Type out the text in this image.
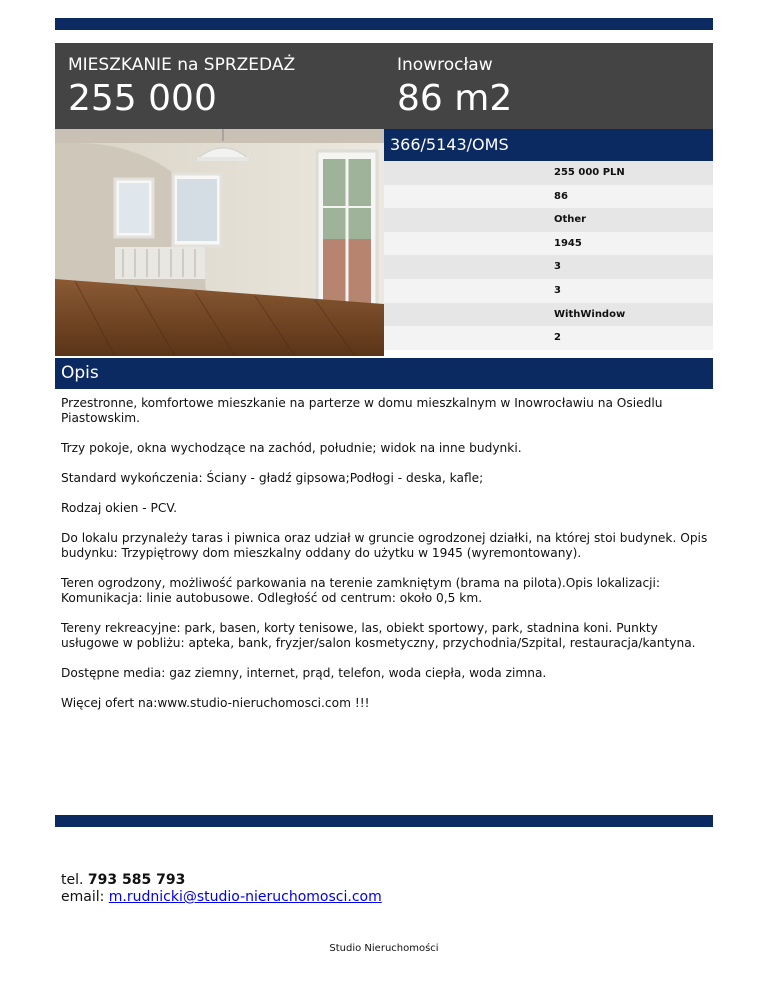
MIESZKANIE na SPRZEDAŻ
255 000
Inowrocław
86 m2
366/5143/OMS
255 000 PLN
86
Other
1945
3
3
WithWindow
2
Opis

Przestronne, komfortowe mieszkanie na parterze w domu mieszkalnym w Inowrocławiu na Osiedlu Piastowskim.

Trzy pokoje, okna wychodzące na zachód, południe; widok na inne budynki.

Standard wykończenia: Ściany - gładź gipsowa;Podłogi - deska, kafle;

Rodzaj okien - PCV.

Do lokalu przynależy taras i piwnica oraz udział w gruncie ogrodzonej działki, na której stoi budynek. Opis budynku: Trzypiętrowy dom mieszkalny oddany do użytku w 1945 (wyremontowany).

Teren ogrodzony, możliwość parkowania na terenie zamkniętym (brama na pilota).Opis lokalizacji: Komunikacja: linie autobusowe. Odległość od centrum: około 0,5 km.

Tereny rekreacyjne: park, basen, korty tenisowe, las, obiekt sportowy, park, stadnina koni. Punkty usługowe w pobliżu: apteka, bank, fryzjer/salon kosmetyczny, przychodnia/Szpital, restauracja/kantyna.

Dostępne media: gaz ziemny, internet, prąd, telefon, woda ciepła, woda zimna.

Więcej ofert na:www.studio-nieruchomosci.com !!!

tel. 793 585 793
email: m.rudnicki@studio-nieruchomosci.com
Studio Nieruchomości
